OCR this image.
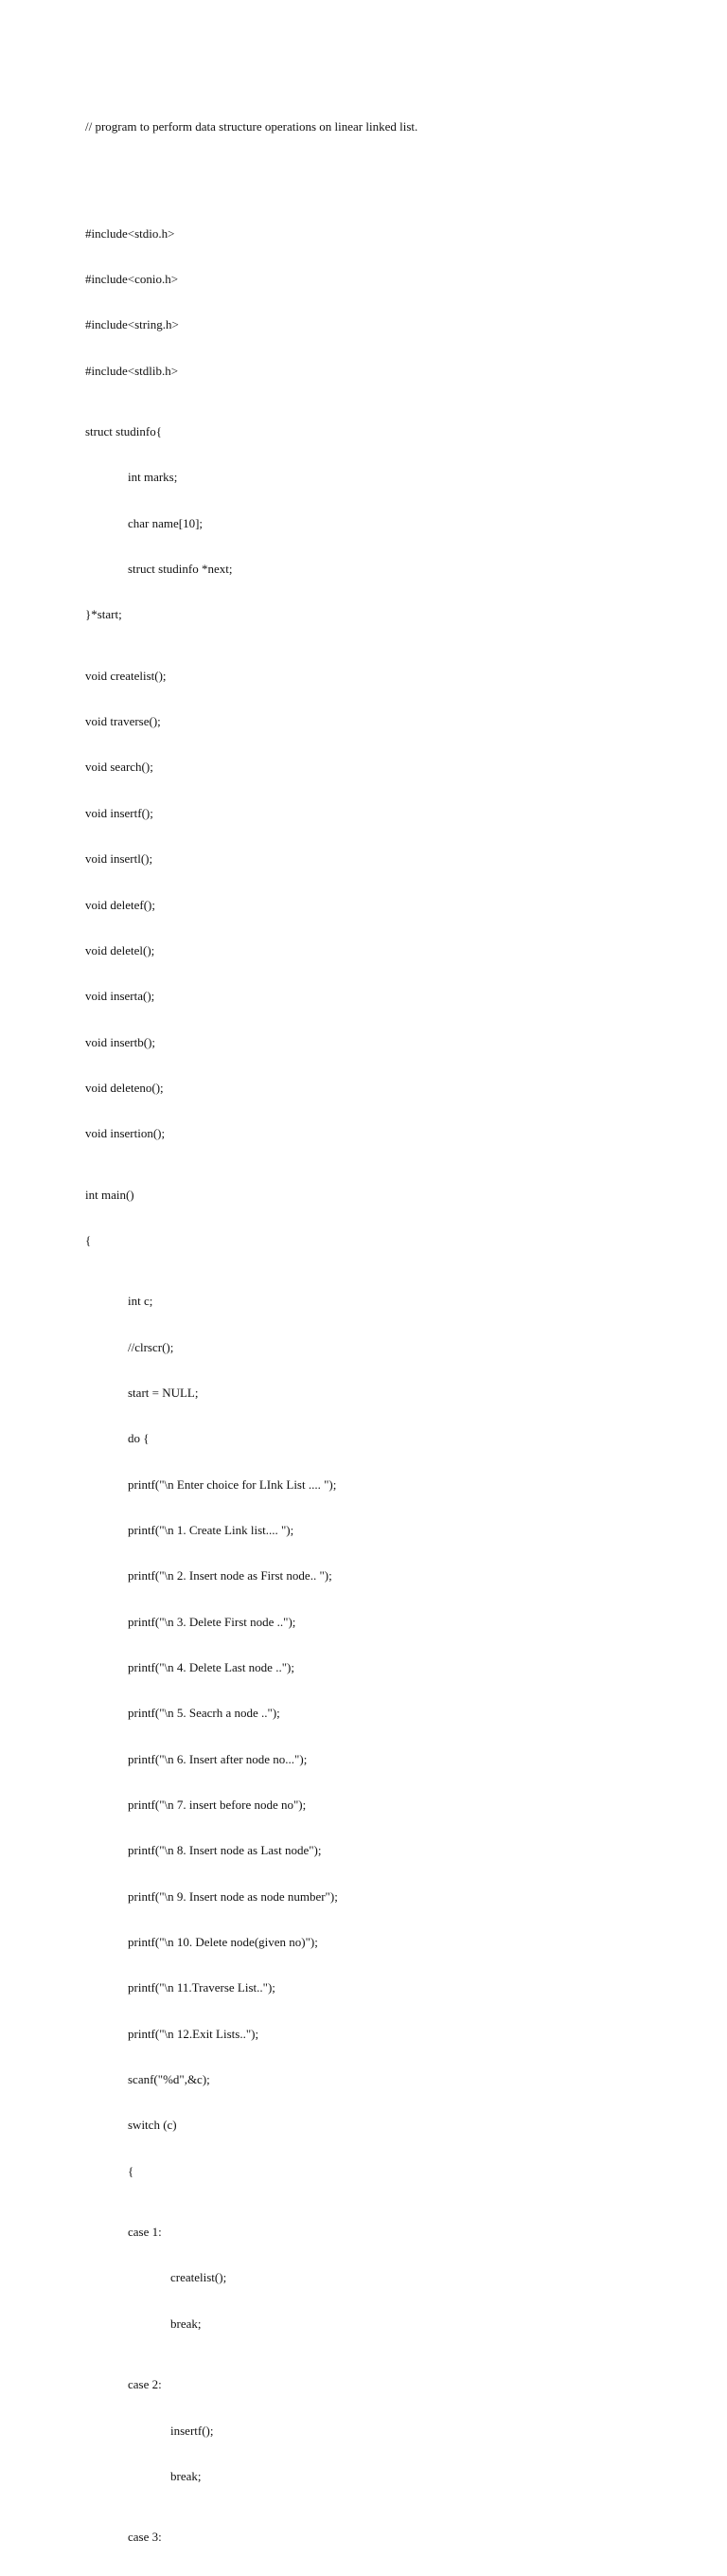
// program to perform data structure operations on linear linked list.

#include<stdio.h>

#include<conio.h>

#include<string.h>

#include<stdlib.h>

struct studinfo{

int marks;

char name[10];

struct studinfo *next;

}*start;

void createlist();

void traverse();

void search();

void insertf();

void insertl();

void deletef();

void deletel();

void inserta();

void insertb();

void deleteno();

void insertion();

int main()

{

int c;

//clrscr();

start = NULL;

do {

printf("\n Enter choice for LInk List .... ");

printf("\n 1. Create Link list.... ");

printf("\n 2. Insert node as First node.. ");

printf("\n 3. Delete First node ..");

printf("\n 4. Delete Last node ..");

printf("\n 5. Seacrh a node ..");

printf("\n 6. Insert after node no...");

printf("\n 7. insert before node no");

printf("\n 8. Insert node as Last node");

printf("\n 9. Insert node as node number");

printf("\n 10. Delete node(given no)");

printf("\n 11.Traverse List..");

printf("\n 12.Exit Lists..");

scanf("%d",&c);

switch (c)

{

case 1:

createlist();

break;

case 2:

insertf();

break;

case 3:
